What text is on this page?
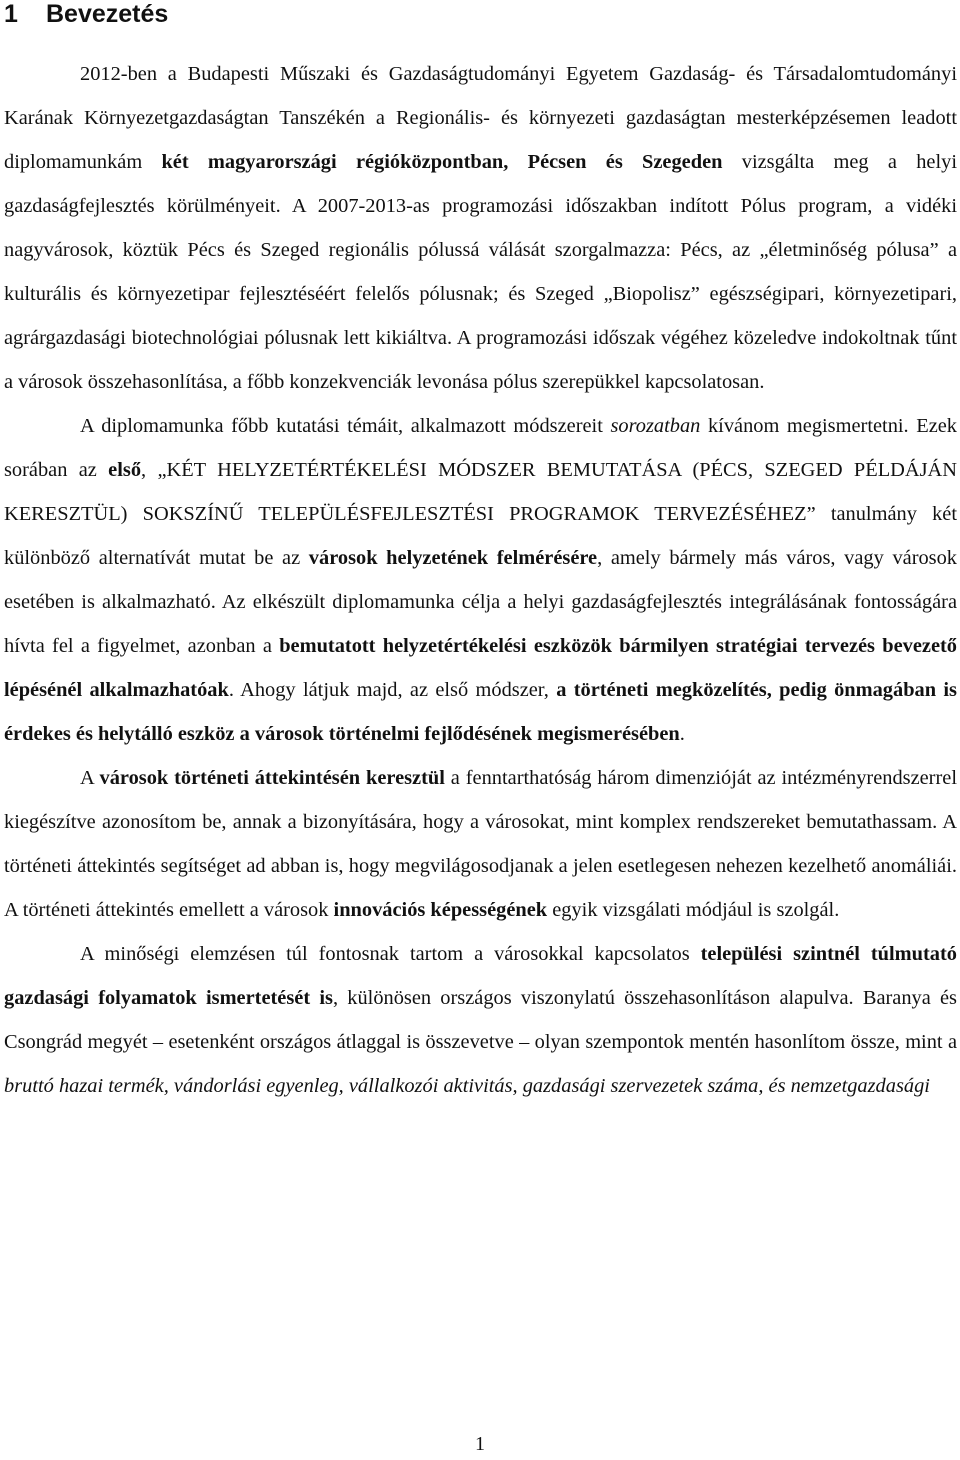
1 Bevezetés

2012-ben a Budapesti Műszaki és Gazdaságtudományi Egyetem Gazdaság- és Társadalomtudományi Karának Környezetgazdaságtan Tanszékén a Regionális- és környezeti gazdaságtan mesterképzésemen leadott diplomamunkám két magyarországi régióközpontban, Pécsen és Szegeden vizsgálta meg a helyi gazdaságfejlesztés körülményeit. A 2007-2013-as programozási időszakban indított Pólus program, a vidéki nagyvárosok, köztük Pécs és Szeged regionális pólussá válását szorgalmazza: Pécs, az „életminőség pólusa” a kulturális és környezetipar fejlesztéséért felelős pólusnak; és Szeged „Biopolisz” egészségipari, környezetipari, agrárgazdasági biotechnológiai pólusnak lett kikiáltva. A programozási időszak végéhez közeledve indokoltnak tűnt a városok összehasonlítása, a főbb konzekvenciák levonása pólus szerepükkel kapcsolatosan.

A diplomamunka főbb kutatási témáit, alkalmazott módszereit sorozatban kívánom megismertetni. Ezek sorában az első, „KÉT HELYZETÉRTÉKELÉSI MÓDSZER BEMUTATÁSA (PÉCS, SZEGED PÉLDÁJÁN KERESZTÜL) SOKSZÍNŰ TELEPÜLÉSFEJLESZTÉSI PROGRAMOK TERVEZÉSÉHEZ” tanulmány két különböző alternatívát mutat be az városok helyzetének felmérésére, amely bármely más város, vagy városok esetében is alkalmazható. Az elkészült diplomamunka célja a helyi gazdaságfejlesztés integrálásának fontosságára hívta fel a figyelmet, azonban a bemutatott helyzetértékelési eszközök bármilyen stratégiai tervezés bevezető lépésénél alkalmazhatóak. Ahogy látjuk majd, az első módszer, a történeti megközelítés, pedig önmagában is érdekes és helytálló eszköz a városok történelmi fejlődésének megismerésében.

A városok történeti áttekintésén keresztül a fenntarthatóság három dimenzióját az intézményrendszerrel kiegészítve azonosítom be, annak a bizonyítására, hogy a városokat, mint komplex rendszereket bemutathassam. A történeti áttekintés segítséget ad abban is, hogy megvilágosodjanak a jelen esetlegesen nehezen kezelhető anomáliái. A történeti áttekintés emellett a városok innovációs képességének egyik vizsgálati módjául is szolgál.

A minőségi elemzésen túl fontosnak tartom a városokkal kapcsolatos települési szintnél túlmutató gazdasági folyamatok ismertetését is, különösen országos viszonylatú összehasonlításon alapulva. Baranya és Csongrád megyét – esetenként országos átlaggal is összevetve – olyan szempontok mentén hasonlítom össze, mint a bruttó hazai termék, vándorlási egyenleg, vállalkozói aktivitás, gazdasági szervezetek száma, és nemzetgazdasági

1
